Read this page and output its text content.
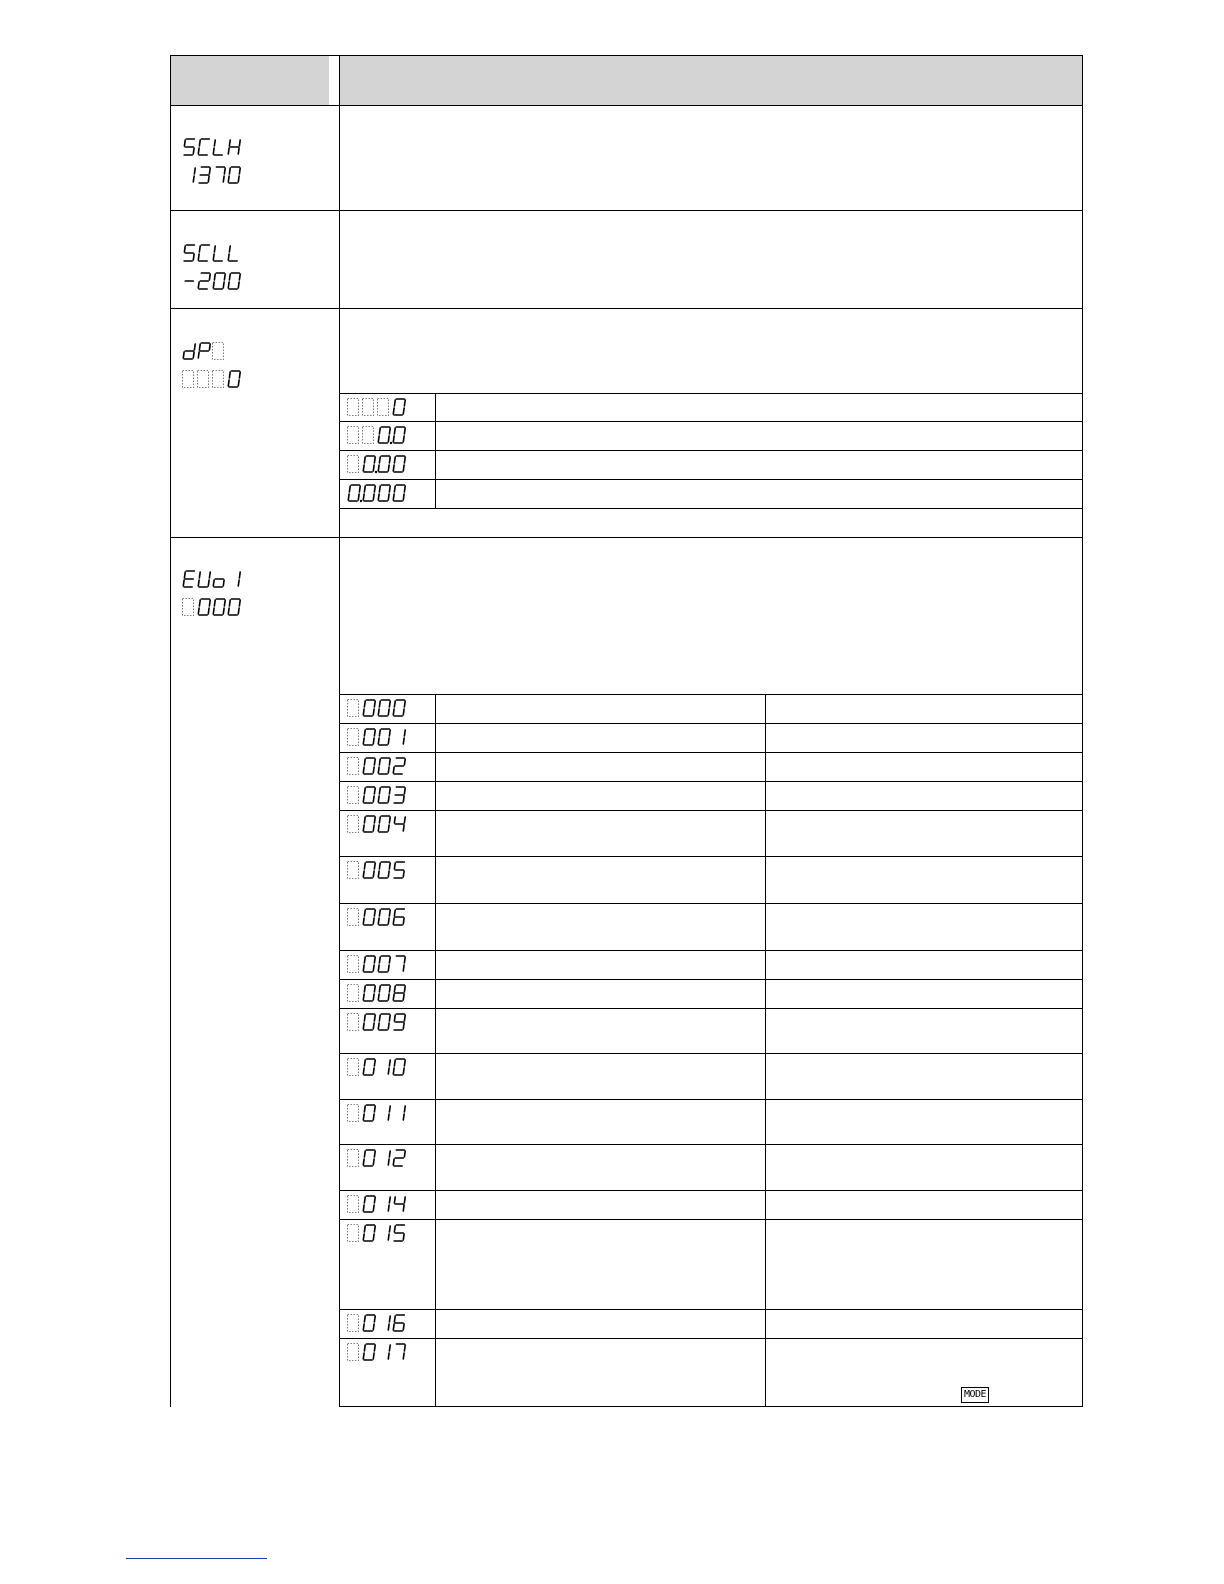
MODE
